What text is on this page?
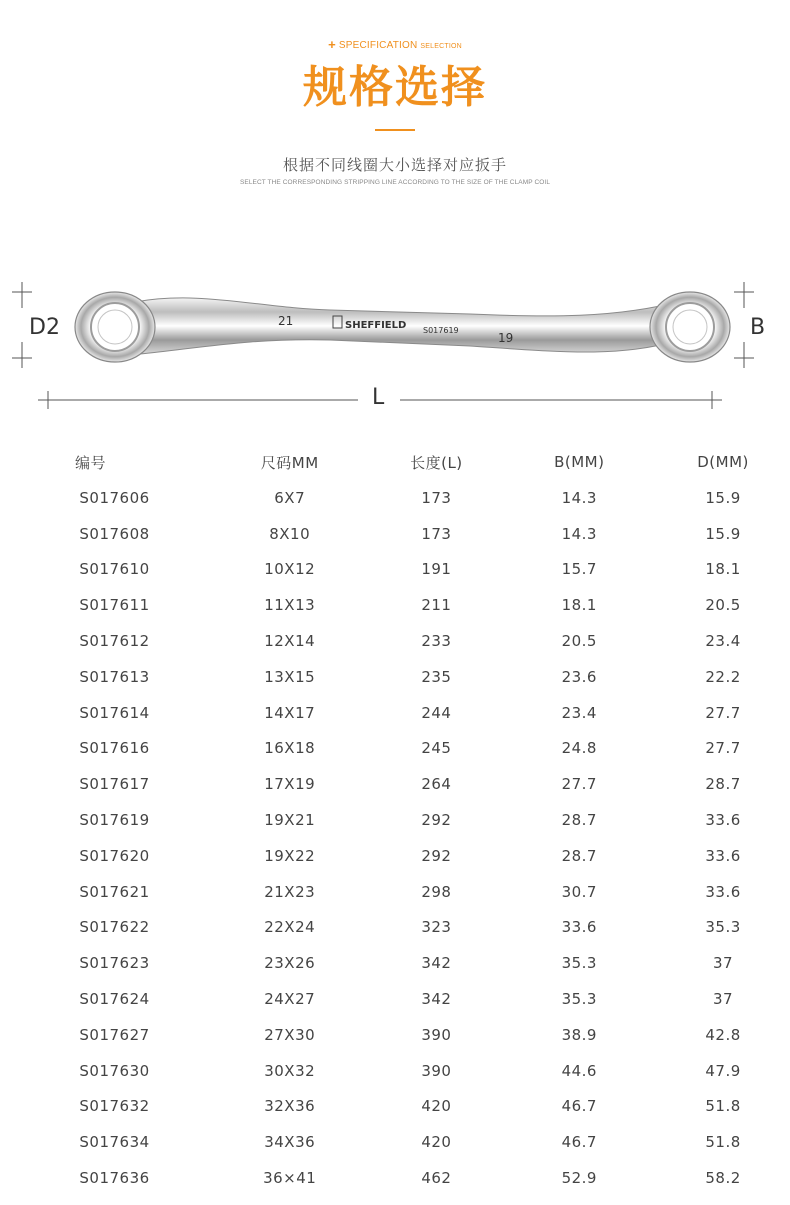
+ SPECIFICATION SELECTION
规格选择
根据不同线圈大小选择对应扳手
SELECT THE CORRESPONDING STRIPPING LINE ACCORDING TO THE SIZE OF THE CLAMP COIL
21	SHEFFIELD S017619
19
D2	B
L
编号	尺码MM	长度(L)	B(MM)	D(MM)
S017606	6X7	173	14.3	15.9
S017608	8X10	173	14.3	15.9
S017610	10X12	191	15.7	18.1
S017611	11X13	211	18.1	20.5
S017612	12X14	233	20.5	23.4
S017613	13X15	235	23.6	22.2
S017614	14X17	244	23.4	27.7
S017616	16X18	245	24.8	27.7
S017617	17X19	264	27.7	28.7
S017619	19X21	292	28.7	33.6
S017620	19X22	292	28.7	33.6
S017621	21X23	298	30.7	33.6
S017622	22X24	323	33.6	35.3
S017623	23X26	342	35.3	37
S017624	24X27	342	35.3	37
S017627	27X30	390	38.9	42.8
S017630	30X32	390	44.6	47.9
S017632	32X36	420	46.7	51.8
S017634	34X36	420	46.7	51.8
S017636	36×41	462	52.9	58.2
